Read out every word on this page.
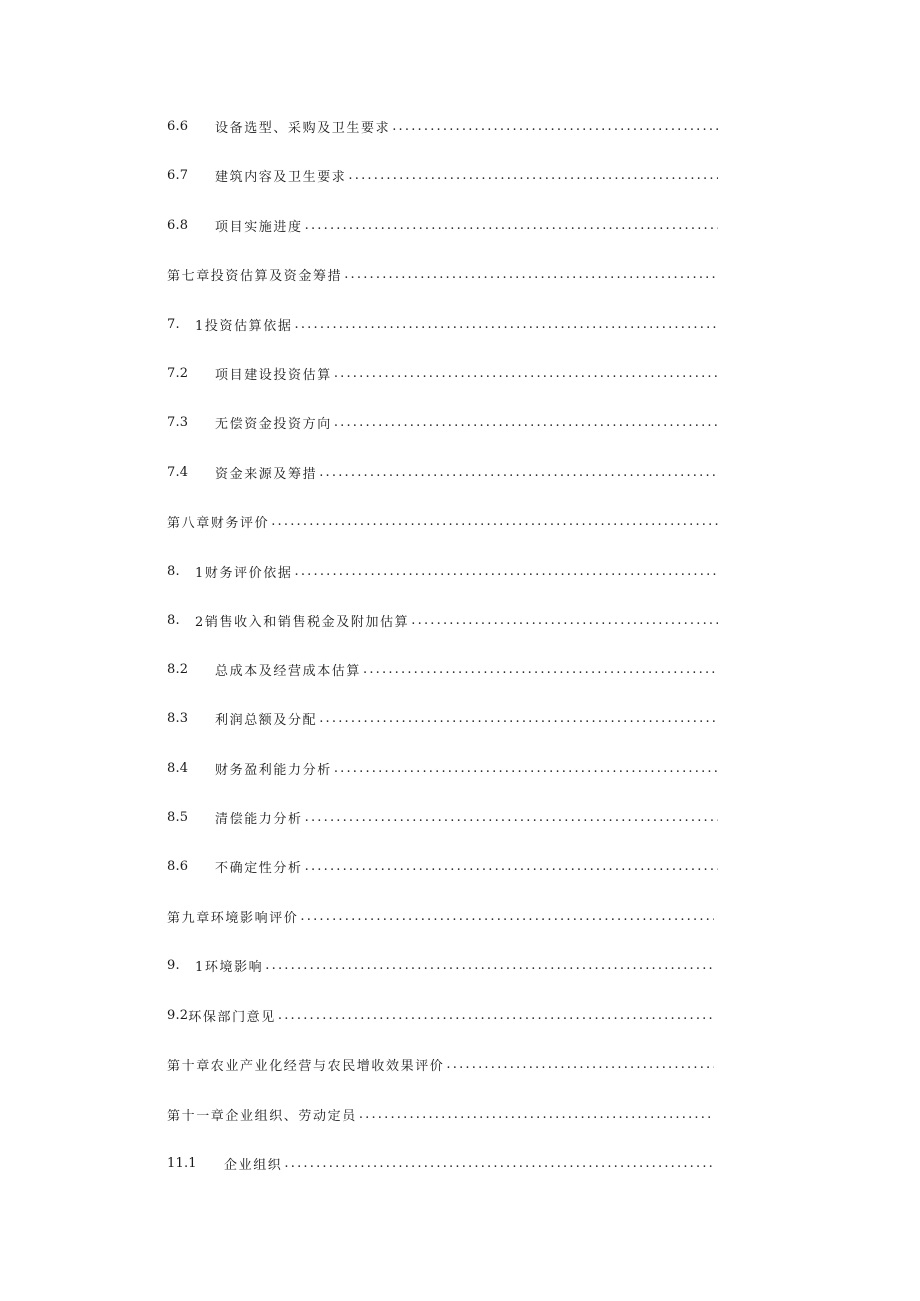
6.6	设备选型、采购及卫生要求
.....
6.7	建筑内容及卫生要求
.....
6.8	项目实施进度
.....
第七章投资估算及资金筹措
.....
7.	1投资估算依据
.....
7.2	项目建设投资估算
.....
7.3	无偿资金投资方向
.....
7.4	资金来源及筹措
.....
第八章财务评价
.....
8.	1财务评价依据
.....
8.	2销售收入和销售税金及附加估算
.....
8.2	总成本及经营成本估算
.....
8.3	利润总额及分配
.....
8.4	财务盈利能力分析
.....
8.5	清偿能力分析
.....
8.6	不确定性分析
.....
第九章环境影响评价
.....
9.	1环境影响
.....
9.2 环保部门意见
.....
第十章农业产业化经营与农民增收效果评价
.....
第十一章企业组织、劳动定员
.....
11.1	企业组织
.....
